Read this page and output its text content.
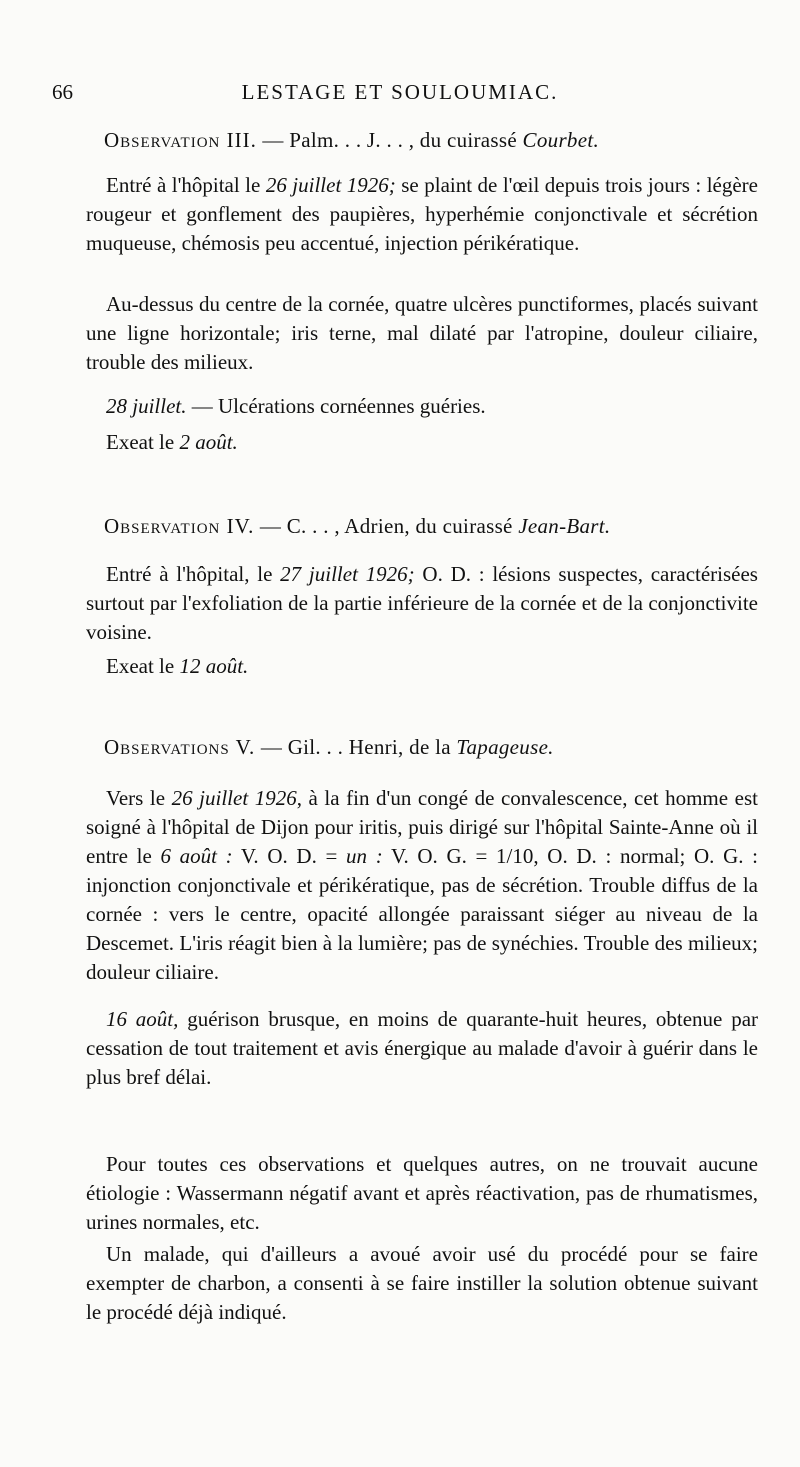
66	LESTAGE ET SOULOUMIAC.
Observation III. — Palm. . . J. . . , du cuirassé Courbet.
Entré à l'hôpital le 26 juillet 1926; se plaint de l'œil depuis trois jours : légère rougeur et gonflement des paupières, hyperhémie conjonctivale et sécrétion muqueuse, chémosis peu accentué, injection périkératique.
Au-dessus du centre de la cornée, quatre ulcères punctiformes, placés suivant une ligne horizontale; iris terne, mal dilaté par l'atropine, douleur ciliaire, trouble des milieux.
28 juillet. — Ulcérations cornéennes guéries.
Exeat le 2 août.
Observation IV. — C. . . , Adrien, du cuirassé Jean-Bart.
Entré à l'hôpital, le 27 juillet 1926; O. D. : lésions suspectes, caractérisées surtout par l'exfoliation de la partie inférieure de la cornée et de la conjonctivite voisine.
Exeat le 12 août.
Observations V. — Gil. . . Henri, de la Tapageuse.
Vers le 26 juillet 1926, à la fin d'un congé de convalescence, cet homme est soigné à l'hôpital de Dijon pour iritis, puis dirigé sur l'hôpital Sainte-Anne où il entre le 6 août : V. O. D. = un : V. O. G. = 1/10, O. D. : normal; O. G. : injonction conjonctivale et périkératique, pas de sécrétion. Trouble diffus de la cornée : vers le centre, opacité allongée paraissant siéger au niveau de la Descemet. L'iris réagit bien à la lumière; pas de synéchies. Trouble des milieux; douleur ciliaire.
16 août, guérison brusque, en moins de quarante-huit heures, obtenue par cessation de tout traitement et avis énergique au malade d'avoir à guérir dans le plus bref délai.
Pour toutes ces observations et quelques autres, on ne trouvait aucune étiologie : Wassermann négatif avant et après réactivation, pas de rhumatismes, urines normales, etc.
Un malade, qui d'ailleurs a avoué avoir usé du procédé pour se faire exempter de charbon, a consenti à se faire instiller la solution obtenue suivant le procédé déjà indiqué.
